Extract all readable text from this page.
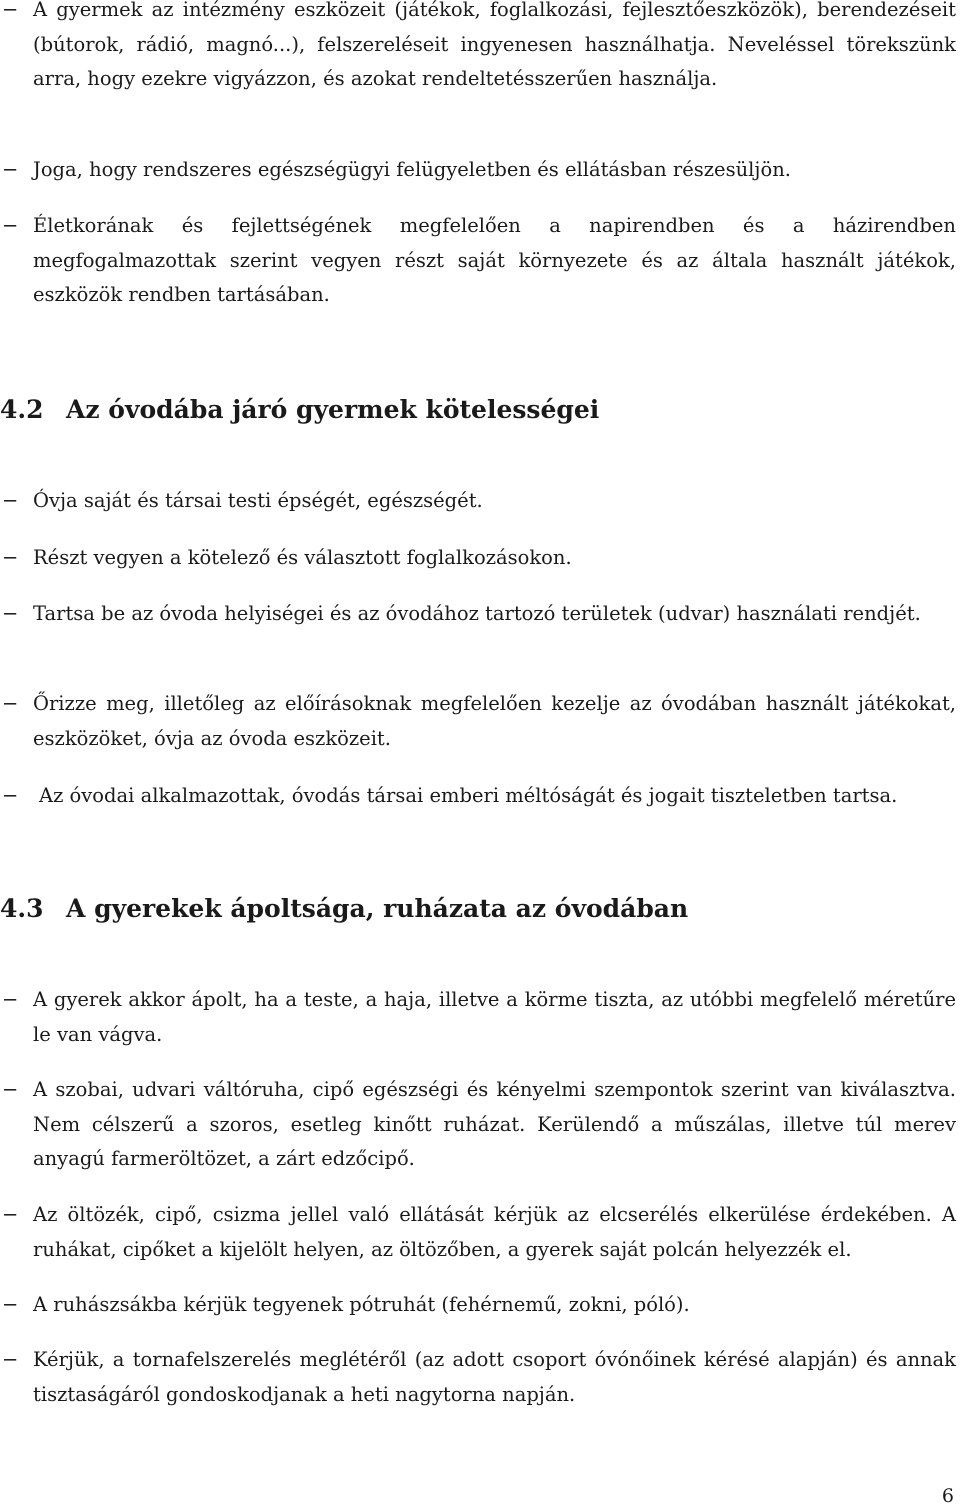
− A gyermek az intézmény eszközeit (játékok, foglalkozási, fejlesztőeszközök), berendezéseit (bútorok, rádió, magnó...), felszereléseit ingyenesen használhatja. Neveléssel törekszünk arra, hogy ezekre vigyázzon, és azokat rendeltetésszerűen használja.
− Joga, hogy rendszeres egészségügyi felügyeletben és ellátásban részesüljön.
− Életkorának és fejlettségének megfelelően a napirendben és a házirendben megfogalmazottak szerint vegyen részt saját környezete és az általa használt játékok, eszközök rendben tartásában.
4.2 Az óvodába járó gyermek kötelességei
− Óvja saját és társai testi épségét, egészségét.
− Részt vegyen a kötelező és választott foglalkozásokon.
− Tartsa be az óvoda helyiségei és az óvodához tartozó területek (udvar) használati rendjét.
− Őrizze meg, illetőleg az előírásoknak megfelelően kezelje az óvodában használt játékokat, eszközöket, óvja az óvoda eszközeit.
− Az óvodai alkalmazottak, óvodás társai emberi méltóságát és jogait tiszteletben tartsa.
4.3 A gyerekek ápoltsága, ruházata az óvodában
− A gyerek akkor ápolt, ha a teste, a haja, illetve a körme tiszta, az utóbbi megfelelő méretűre le van vágva.
− A szobai, udvari váltóruha, cipő egészségi és kényelmi szempontok szerint van kiválasztva. Nem célszerű a szoros, esetleg kinőtt ruházat. Kerülendő a műszálas, illetve túl merev anyagú farmeröltözet, a zárt edzőcipő.
− Az öltözék, cipő, csizma jellel való ellátását kérjük az elcserélés elkerülése érdekében. A ruhákat, cipőket a kijelölt helyen, az öltözőben, a gyerek saját polcán helyezzék el.
− A ruhászsákba kérjük tegyenek pótruhát (fehérnemű, zokni, póló).
− Kérjük, a tornafelszerelés meglétéről (az adott csoport óvónőinek kérésé alapján) és annak tisztaságáról gondoskodjanak a heti nagytorna napján.
6
